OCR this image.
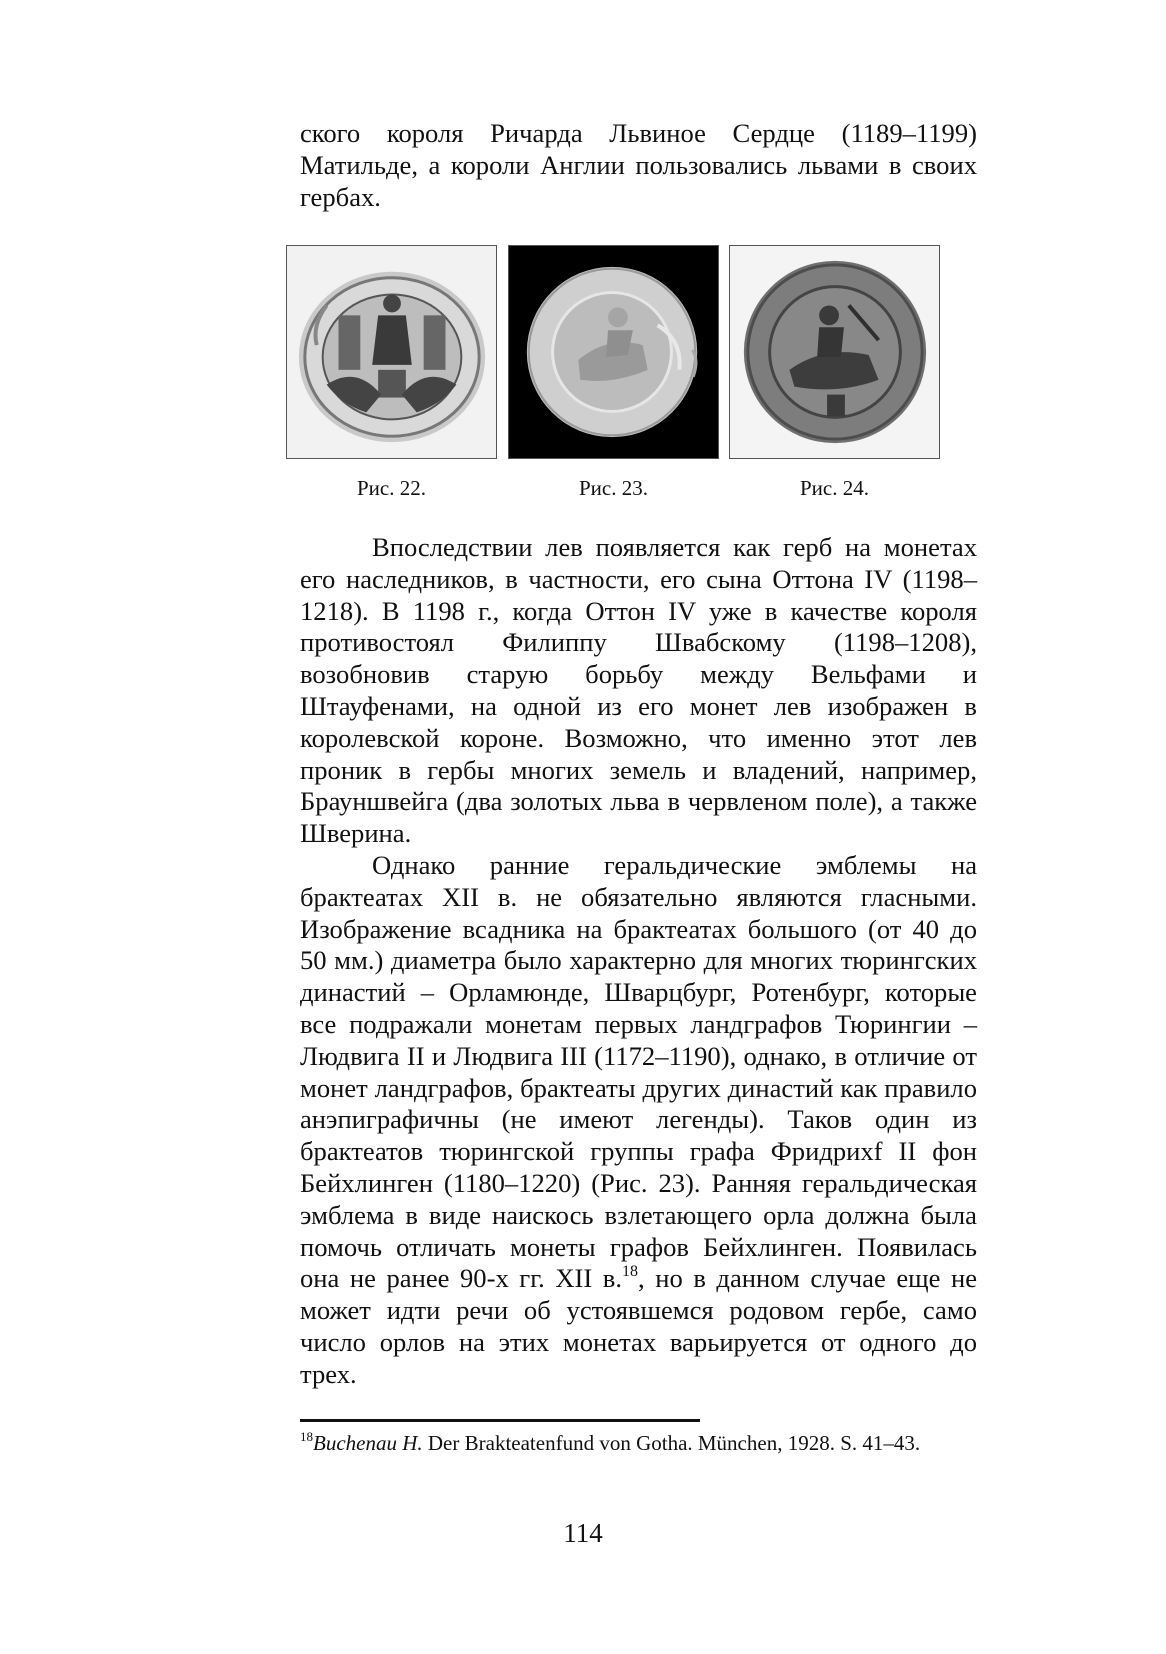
ского короля Ричарда Львиное Сердце (1189–1199) Матильде, а короли Англии пользовались львами в своих гербах.

Рис. 22.	Рис. 23.	Рис. 24.

Впоследствии лев появляется как герб на монетах его наследников, в частности, его сына Оттона IV (1198–1218). В 1198 г., когда Оттон IV уже в качестве короля противостоял Филиппу Швабскому (1198–1208), возобновив старую борьбу между Вельфами и Штауфенами, на одной из его монет лев изображен в королевской короне. Возможно, что именно этот лев проник в гербы многих земель и владений, например, Брауншвейга (два золотых льва в червленом поле), а также Шверина.

Однако ранние геральдические эмблемы на брактеатах XII в. не обязательно являются гласными. Изображение всадника на брактеатах большого (от 40 до 50 мм.) диаметра было характерно для многих тюрингских династий – Орламюнде, Шварцбург, Ротенбург, которые все подражали монетам первых ландграфов Тюрингии – Людвига II и Людвига III (1172–1190), однако, в отличие от монет ландграфов, брактеаты других династий как правило анэпиграфичны (не имеют легенды). Таков один из брактеатов тюрингской группы графа Фридрихf II фон Бейхлинген (1180–1220) (Рис. 23). Ранняя геральдическая эмблема в виде наискось взлетающего орла должна была помочь отличать монеты графов Бейхлинген. Появилась она не ранее 90-х гг. XII в.$^{18}$, но в данном случае еще не может идти речи об устоявшемся родовом гербе, само число орлов на этих монетах варьируется от одного до трех.

$^{18}$Buchenau H. Der Brakteatenfund von Gotha. München, 1928. S. 41–43.
114
